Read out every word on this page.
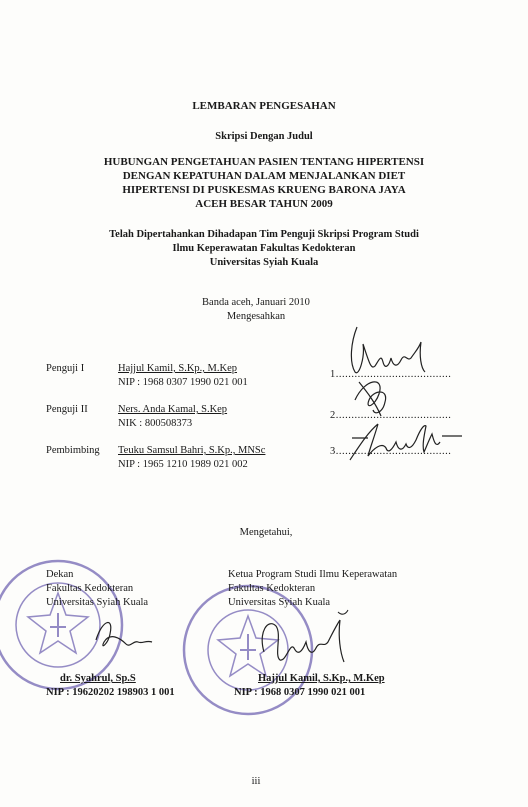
LEMBARAN PENGESAHAN
Skripsi Dengan Judul
HUBUNGAN PENGETAHUAN PASIEN TENTANG HIPERTENSI
DENGAN KEPATUHAN DALAM MENJALANKAN DIET
HIPERTENSI DI PUSKESMAS KRUENG BARONA JAYA
ACEH BESAR TAHUN 2009
Telah Dipertahankan Dihadapan Tim Penguji Skripsi Program Studi
Ilmu Keperawatan Fakultas Kedokteran
Universitas Syiah Kuala
Banda aceh, Januari 2010
Mengesahkan
Penguji I	Hajjul Kamil, S.Kp., M.Kep
NIP : 1968 0307 1990 021 001
1.....................................
Penguji II	Ners. Anda Kamal, S.Kep
NIK : 800508373
2.....................................
Pembimbing Teuku Samsul Bahri, S.Kp., MNSc
NIP : 1965 1210 1989 021 002
3.....................................
Mengetahui,
Dekan
Fakultas Kedokteran
Universitas Syiah Kuala
dr. Syahrul, Sp.S
NIP : 19620202 198903 1 001
Ketua Program Studi Ilmu Keperawatan
Fakultas Kedokteran
Universitas Syiah Kuala
Hajjul Kamil, S.Kp., M.Kep
NIP : 1968 0307 1990 021 001
iii
